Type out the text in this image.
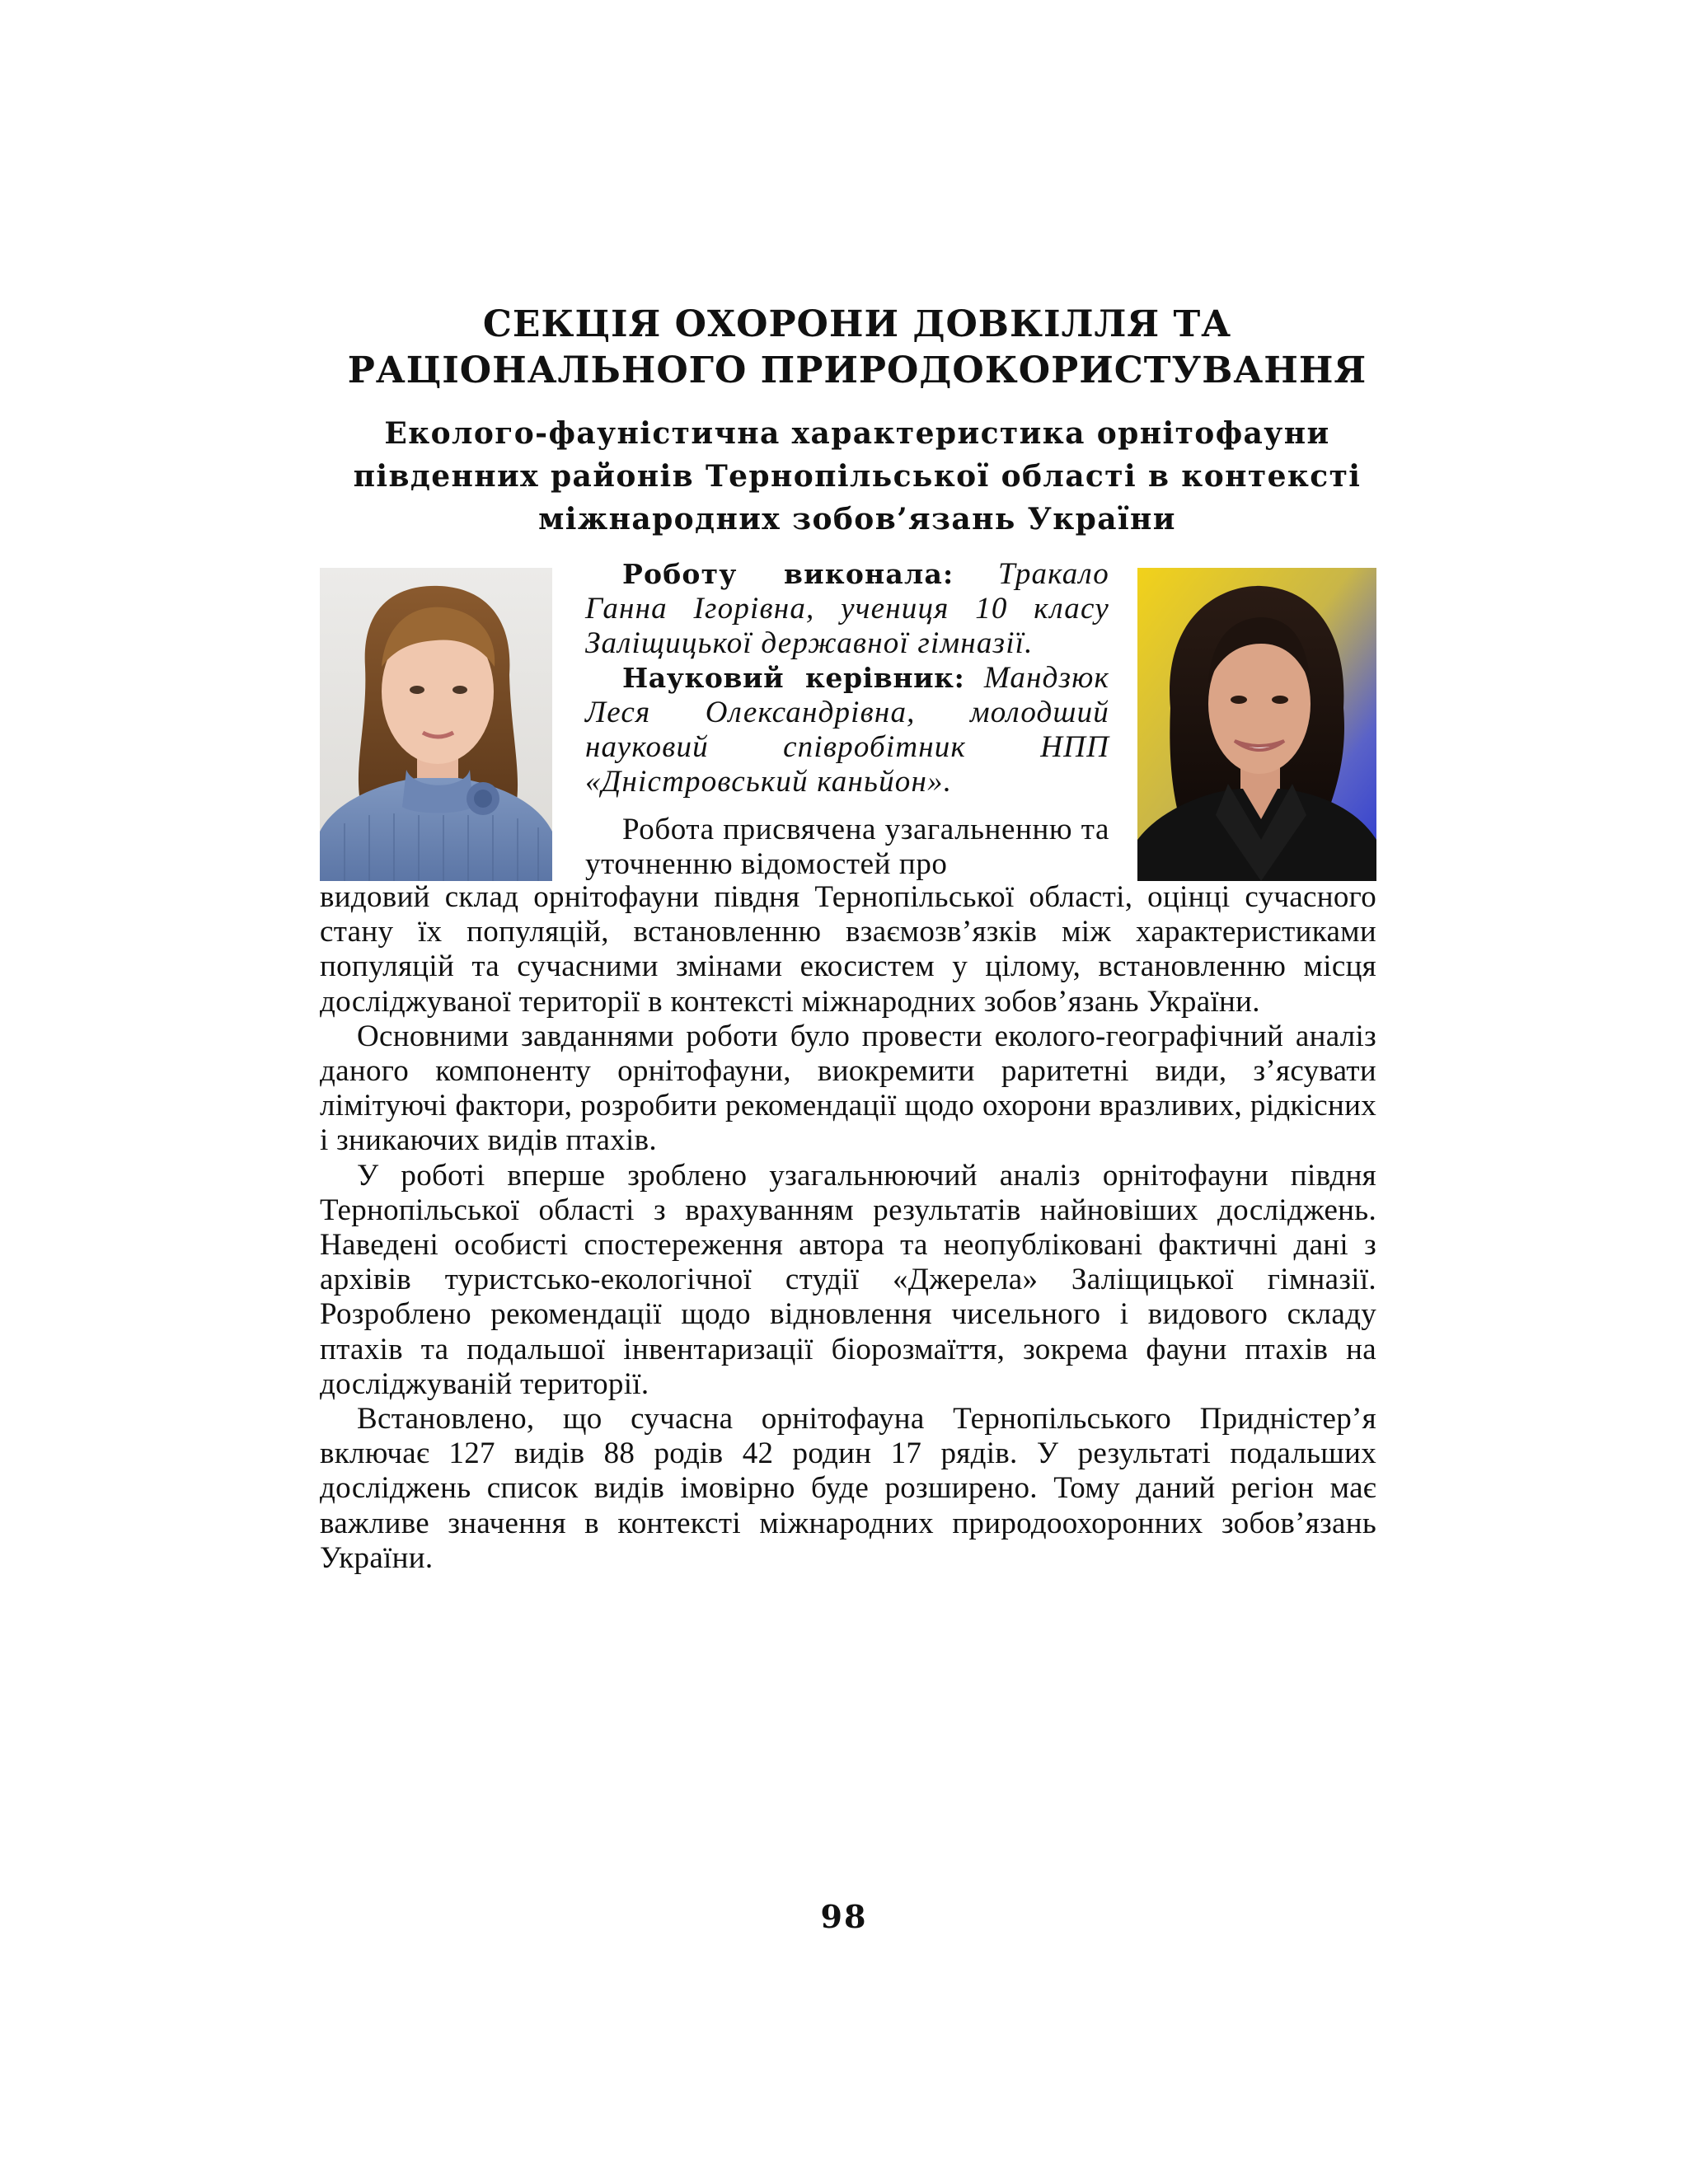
СЕКЦІЯ ОХОРОНИ ДОВКІЛЛЯ ТА РАЦІОНАЛЬНОГО ПРИРОДОКОРИСТУВАННЯ
Еколого-фауністична характеристика орнітофауни південних районів Тернопільської області в контексті міжнародних зобов’язань України

Роботу виконала: Тракало Ганна Ігорівна, учениця 10 класу Заліщицької державної гімназії.

Науковий керівник: Мандзюк Леся Олександрівна, молодший науковий співробітник НПП «Дністровський каньйон».

Робота присвячена узагальненню та уточненню відомостей про

видовий склад орнітофауни півдня Тернопільської області, оцінці сучасного стану їх популяцій, встановленню взаємозв’язків між характеристиками популяцій та сучасними змінами екосистем у цілому, встановленню місця досліджуваної території в контексті міжнародних зобов’язань України.

Основними завданнями роботи було провести еколого-географічний аналіз даного компоненту орнітофауни, виокремити раритетні види, з’ясувати лімітуючі фактори, розробити рекомендації щодо охорони вразливих, рідкісних і зникаючих видів птахів.

У роботі вперше зроблено узагальнюючий аналіз орнітофауни півдня Тернопільської області з врахуванням результатів найновіших досліджень. Наведені особисті спостереження автора та неопубліковані фактичні дані з архівів туристсько-екологічної студії «Джерела» Заліщицької гімназії. Розроблено рекомендації щодо відновлення чисельного і видового складу птахів та подальшої інвентаризації біорозмаїття, зокрема фауни птахів на досліджуваній території.

Встановлено, що сучасна орнітофауна Тернопільського Придністер’я включає 127 видів 88 родів 42 родин 17 рядів. У результаті подальших досліджень список видів імовірно буде розширено. Тому даний регіон має важливе значення в контексті міжнародних природоохоронних зобов’язань України.

98
